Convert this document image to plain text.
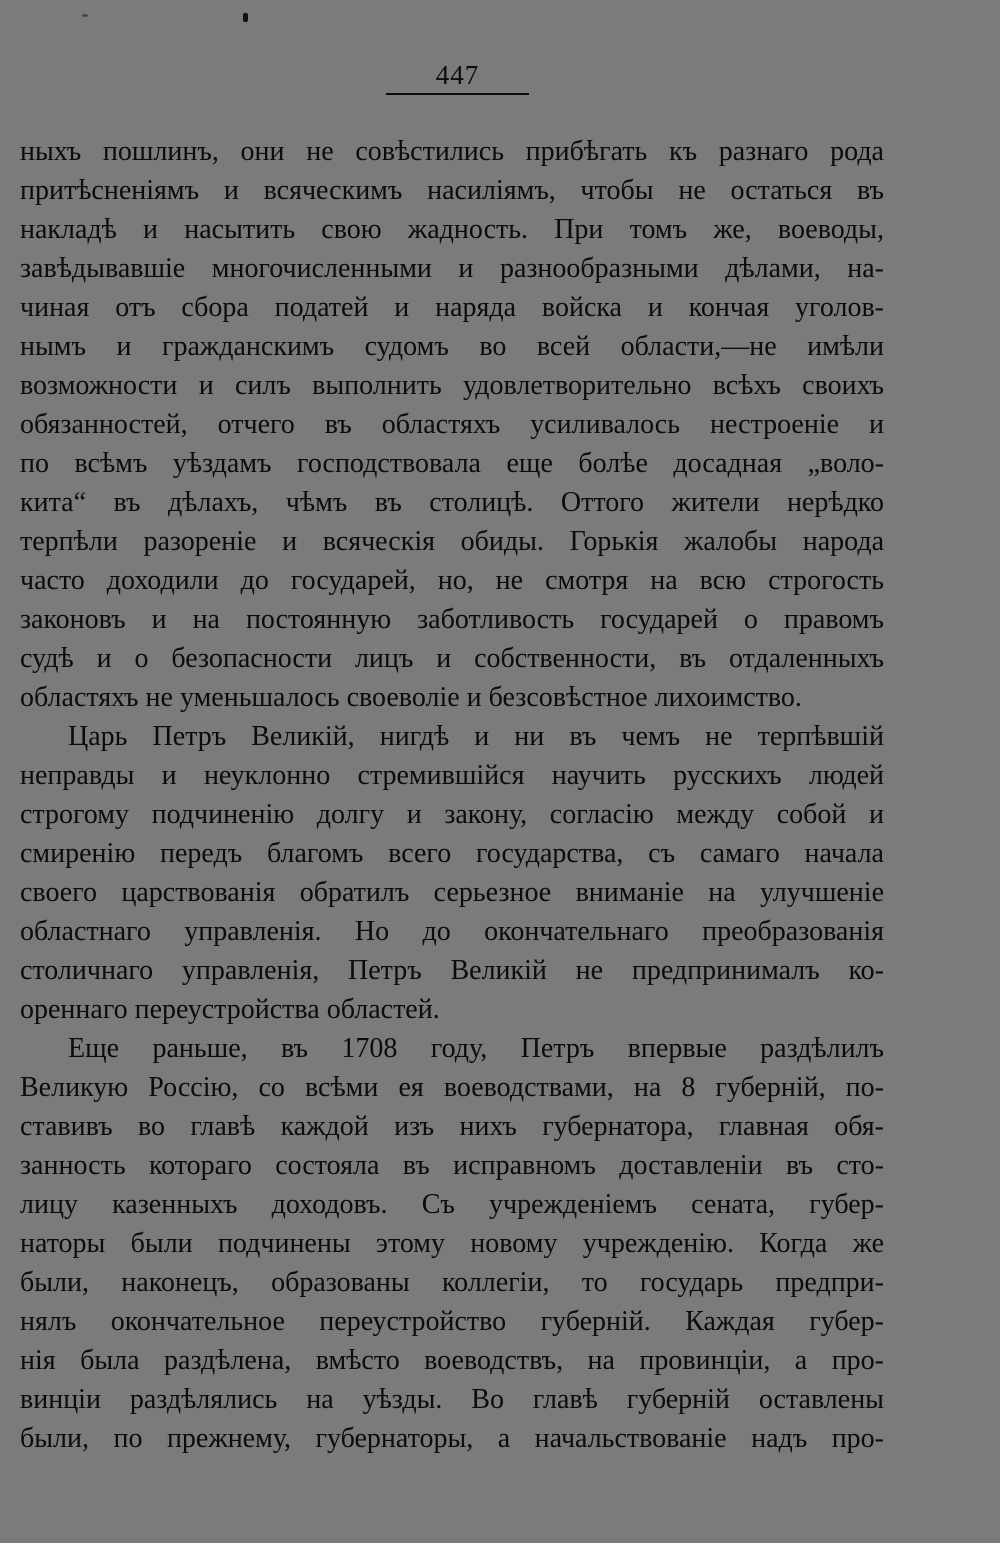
447
ныхъ пошлинъ, они не совѣстились прибѣгать къ разнаго рода
притѣсненіямъ и всяческимъ насиліямъ, чтобы не остаться въ
накладѣ и насытить свою жадность. При томъ же, воеводы,
завѣдывавшіе многочисленными и разнообразными дѣлами, на-
чиная отъ сбора податей и наряда войска и кончая уголов-
нымъ и гражданскимъ судомъ во всей области,—не имѣли
возможности и силъ выполнить удовлетворительно всѣхъ своихъ
обязанностей, отчего въ областяхъ усиливалось нестроеніе и
по всѣмъ уѣздамъ господствовала еще болѣе досадная „воло-
кита“ въ дѣлахъ, чѣмъ въ столицѣ. Оттого жители нерѣдко
терпѣли разореніе и всяческія обиды. Горькія жалобы народа
часто доходили до государей, но, не смотря на всю строгость
законовъ и на постоянную заботливость государей о правомъ
судѣ и о безопасности лицъ и собственности, въ отдаленныхъ
областяхъ не уменьшалось своеволіе и безсовѣстное лихоимство.
Царь Петръ Великій, нигдѣ и ни въ чемъ не терпѣвшій
неправды и неуклонно стремившійся научить русскихъ людей
строгому подчиненію долгу и закону, согласію между собой и
смиренію передъ благомъ всего государства, съ самаго начала
своего царствованія обратилъ серьезное вниманіе на улучшеніе
областнаго управленія. Но до окончательнаго преобразованія
столичнаго управленія, Петръ Великій не предпринималъ ко-
ореннаго переустройства областей.
Еще раньше, въ 1708 году, Петръ впервые раздѣлилъ
Великую Россію, со всѣми ея воеводствами, на 8 губерній, по-
ставивъ во главѣ каждой изъ нихъ губернатора, главная обя-
занность котораго состояла въ исправномъ доставленіи въ сто-
лицу казенныхъ доходовъ. Съ учрежденіемъ сената, губер-
наторы были подчинены этому новому учрежденію. Когда же
были, наконецъ, образованы коллегіи, то государь предпри-
нялъ окончательное переустройство губерній. Каждая губер-
нія была раздѣлена, вмѣсто воеводствъ, на провинціи, а про-
винціи раздѣлялись на уѣзды. Во главѣ губерній оставлены
были, по прежнему, губернаторы, а начальствованіе надъ про-
